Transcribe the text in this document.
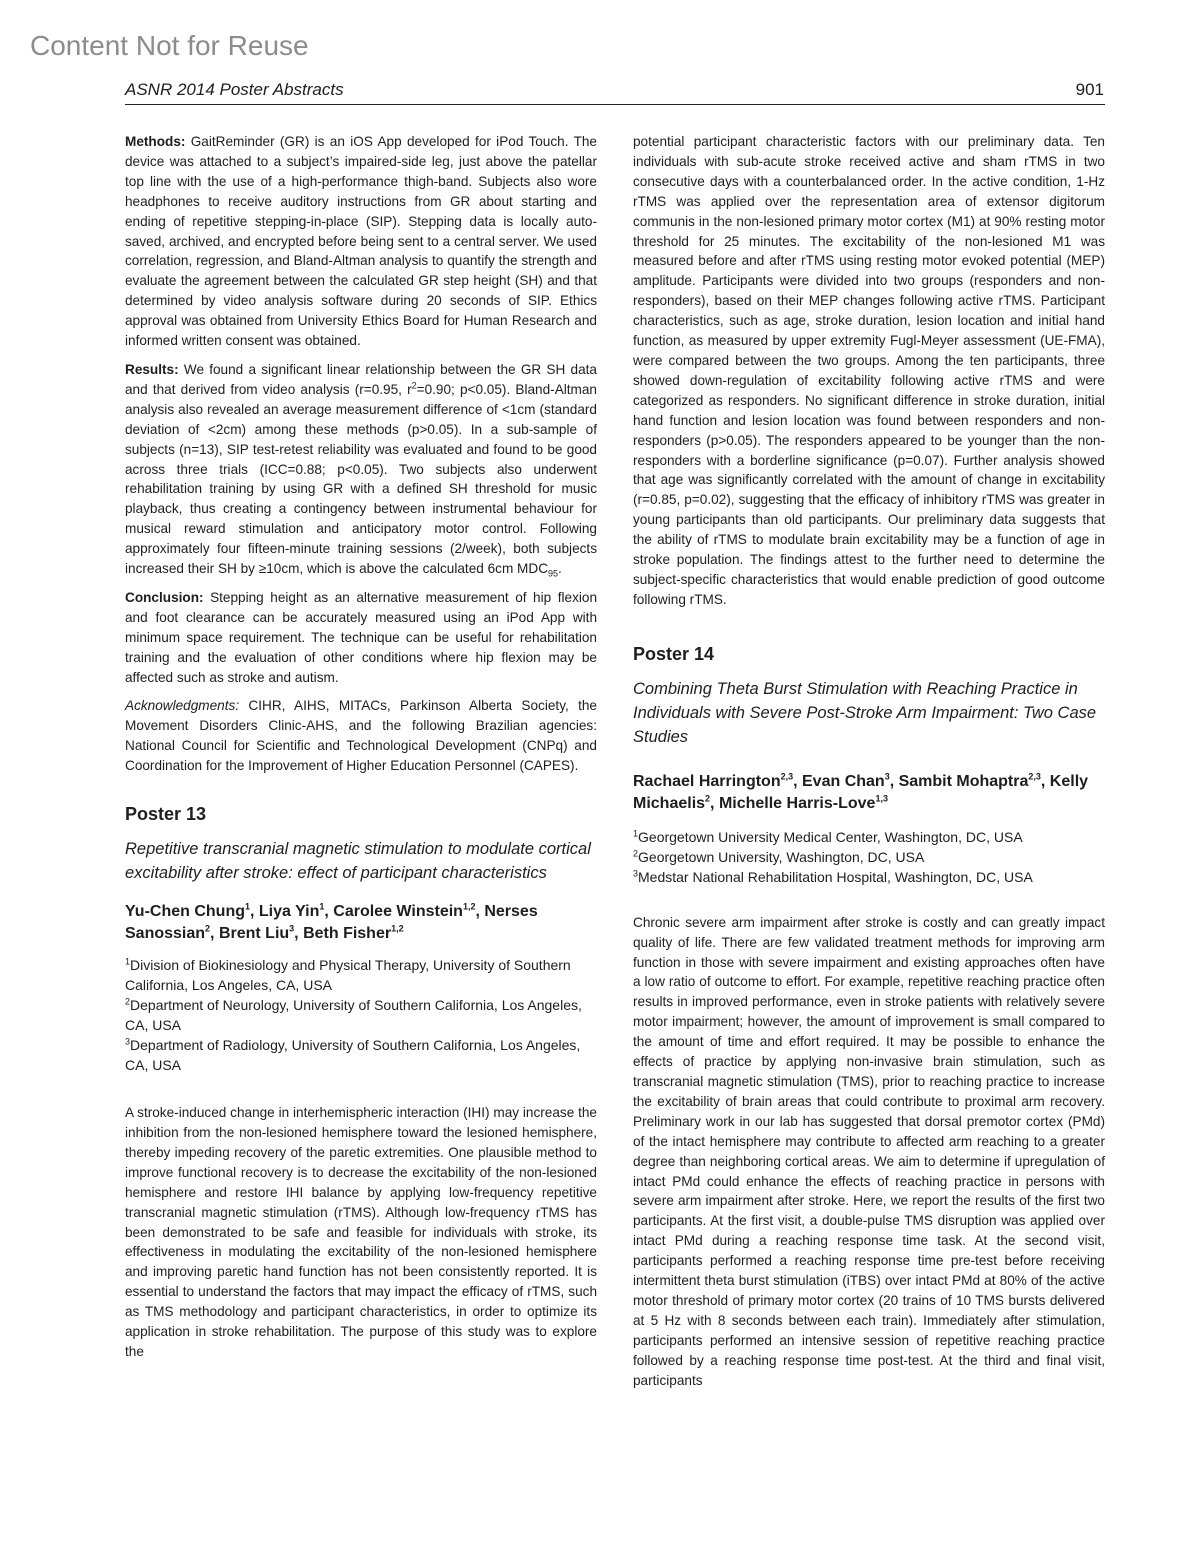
Content Not for Reuse
ASNR 2014 Poster Abstracts	901

Methods: GaitReminder (GR) is an iOS App developed for iPod Touch. The device was attached to a subject’s impaired-side leg, just above the patellar top line with the use of a high-performance thigh-band. Subjects also wore headphones to receive auditory instructions from GR about starting and ending of repetitive stepping-in-place (SIP). Stepping data is locally auto-saved, archived, and encrypted before being sent to a central server. We used correlation, regression, and Bland-Altman analysis to quantify the strength and evaluate the agreement between the calculated GR step height (SH) and that determined by video analysis software during 20 seconds of SIP. Ethics approval was obtained from University Ethics Board for Human Research and informed written consent was obtained.

Results: We found a significant linear relationship between the GR SH data and that derived from video analysis (r=0.95, $r^2=0.90$; p<0.05). Bland-Altman analysis also revealed an average measurement difference of <1cm (standard deviation of <2cm) among these methods (p>0.05). In a sub-sample of subjects (n=13), SIP test-retest reliability was evaluated and found to be good across three trials (ICC=0.88; p<0.05). Two subjects also underwent rehabilitation training by using GR with a defined SH threshold for music playback, thus creating a contingency between instrumental behaviour for musical reward stimulation and anticipatory motor control. Following approximately four fifteen-minute training sessions (2/week), both subjects increased their SH by ≥10cm, which is above the calculated 6cm $MDC_{95}$.

Conclusion: Stepping height as an alternative measurement of hip flexion and foot clearance can be accurately measured using an iPod App with minimum space requirement. The technique can be useful for rehabilitation training and the evaluation of other conditions where hip flexion may be affected such as stroke and autism.

Acknowledgments: CIHR, AIHS, MITACs, Parkinson Alberta Society, the Movement Disorders Clinic-AHS, and the following Brazilian agencies: National Council for Scientific and Technological Development (CNPq) and Coordination for the Improvement of Higher Education Personnel (CAPES).

Poster 13
Repetitive transcranial magnetic stimulation to modulate cortical excitability after stroke: effect of participant characteristics
Yu-Chen Chung$^1$, Liya Yin$^1$, Carolee Winstein$^{1,2}$, Nerses Sanossian$^2$, Brent Liu$^3$, Beth Fisher$^{1,2}$
$^1$Division of Biokinesiology and Physical Therapy, University of Southern California, Los Angeles, CA, USA
$^2$Department of Neurology, University of Southern California, Los Angeles, CA, USA
$^3$Department of Radiology, University of Southern California, Los Angeles, CA, USA

A stroke-induced change in interhemispheric interaction (IHI) may increase the inhibition from the non-lesioned hemisphere toward the lesioned hemisphere, thereby impeding recovery of the paretic extremities. One plausible method to improve functional recovery is to decrease the excitability of the non-lesioned hemisphere and restore IHI balance by applying low-frequency repetitive transcranial magnetic stimulation (rTMS). Although low-frequency rTMS has been demonstrated to be safe and feasible for individuals with stroke, its effectiveness in modulating the excitability of the non-lesioned hemisphere and improving paretic hand function has not been consistently reported. It is essential to understand the factors that may impact the efficacy of rTMS, such as TMS methodology and participant characteristics, in order to optimize its application in stroke rehabilitation. The purpose of this study was to explore the

potential participant characteristic factors with our preliminary data. Ten individuals with sub-acute stroke received active and sham rTMS in two consecutive days with a counterbalanced order. In the active condition, 1-Hz rTMS was applied over the representation area of extensor digitorum communis in the non-lesioned primary motor cortex (M1) at 90% resting motor threshold for 25 minutes. The excitability of the non-lesioned M1 was measured before and after rTMS using resting motor evoked potential (MEP) amplitude. Participants were divided into two groups (responders and non-responders), based on their MEP changes following active rTMS. Participant characteristics, such as age, stroke duration, lesion location and initial hand function, as measured by upper extremity Fugl-Meyer assessment (UE-FMA), were compared between the two groups. Among the ten participants, three showed down-regulation of excitability following active rTMS and were categorized as responders. No significant difference in stroke duration, initial hand function and lesion location was found between responders and non-responders (p>0.05). The responders appeared to be younger than the non-responders with a borderline significance (p=0.07). Further analysis showed that age was significantly correlated with the amount of change in excitability (r=0.85, p=0.02), suggesting that the efficacy of inhibitory rTMS was greater in young participants than old participants. Our preliminary data suggests that the ability of rTMS to modulate brain excitability may be a function of age in stroke population. The findings attest to the further need to determine the subject-specific characteristics that would enable prediction of good outcome following rTMS.

Poster 14
Combining Theta Burst Stimulation with Reaching Practice in Individuals with Severe Post-Stroke Arm Impairment: Two Case Studies
Rachael Harrington$^{2,3}$, Evan Chan$^3$, Sambit Mohaptra$^{2,3}$, Kelly Michaelis$^2$, Michelle Harris-Love$^{1,3}$
$^1$Georgetown University Medical Center, Washington, DC, USA
$^2$Georgetown University, Washington, DC, USA
$^3$Medstar National Rehabilitation Hospital, Washington, DC, USA

Chronic severe arm impairment after stroke is costly and can greatly impact quality of life. There are few validated treatment methods for improving arm function in those with severe impairment and existing approaches often have a low ratio of outcome to effort. For example, repetitive reaching practice often results in improved performance, even in stroke patients with relatively severe motor impairment; however, the amount of improvement is small compared to the amount of time and effort required. It may be possible to enhance the effects of practice by applying non-invasive brain stimulation, such as transcranial magnetic stimulation (TMS), prior to reaching practice to increase the excitability of brain areas that could contribute to proximal arm recovery. Preliminary work in our lab has suggested that dorsal premotor cortex (PMd) of the intact hemisphere may contribute to affected arm reaching to a greater degree than neighboring cortical areas. We aim to determine if upregulation of intact PMd could enhance the effects of reaching practice in persons with severe arm impairment after stroke. Here, we report the results of the first two participants. At the first visit, a double-pulse TMS disruption was applied over intact PMd during a reaching response time task. At the second visit, participants performed a reaching response time pre-test before receiving intermittent theta burst stimulation (iTBS) over intact PMd at 80% of the active motor threshold of primary motor cortex (20 trains of 10 TMS bursts delivered at 5 Hz with 8 seconds between each train). Immediately after stimulation, participants performed an intensive session of repetitive reaching practice followed by a reaching response time post-test. At the third and final visit, participants
